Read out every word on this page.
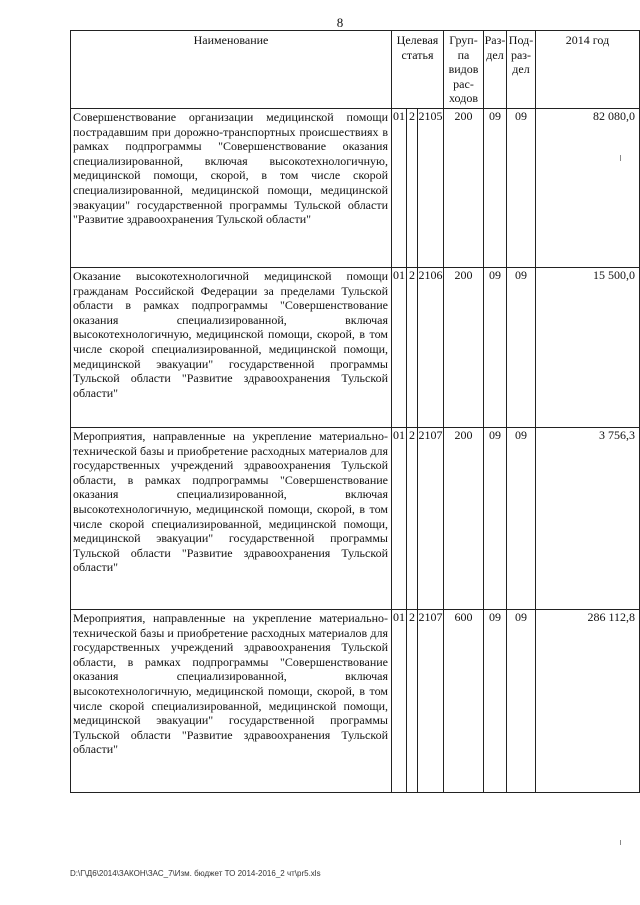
8
Наименование	Целевая статья			Груп-па видов рас-ходов	Раз-дел	Под-раз-дел	2014 год
Совершенствование организации медицинской помощи пострадавшим при дорожно-транспортных происшествиях в рамках подпрограммы "Совершенствование оказания специализированной, включая высокотехнологичную, медицинской помощи, скорой, в том числе скорой специализированной, медицинской помощи, медицинской эвакуации" государственной программы Тульской области "Развитие здравоохранения Тульской области"	01	2	2105	200	09	09	82 080,0
Оказание высокотехнологичной медицинской помощи гражданам Российской Федерации за пределами Тульской области в рамках подпрограммы "Совершенствование оказания специализированной, включая высокотехнологичную, медицинской помощи, скорой, в том числе скорой специализированной, медицинской помощи, медицинской эвакуации" государственной программы Тульской области "Развитие здравоохранения Тульской области"	01	2	2106	200	09	09	15 500,0
Мероприятия, направленные на укрепление материально-технической базы и приобретение расходных материалов для государственных учреждений здравоохранения Тульской области, в рамках подпрограммы "Совершенствование оказания специализированной, включая высокотехнологичную, медицинской помощи, скорой, в том числе скорой специализированной, медицинской помощи, медицинской эвакуации" государственной программы Тульской области "Развитие здравоохранения Тульской области"	01	2	2107	200	09	09	3 756,3
Мероприятия, направленные на укрепление материально-технической базы и приобретение расходных материалов для государственных учреждений здравоохранения Тульской области, в рамках подпрограммы "Совершенствование оказания специализированной, включая высокотехнологичную, медицинской помощи, скорой, в том числе скорой специализированной, медицинской помощи, медицинской эвакуации" государственной программы Тульской области "Развитие здравоохранения Тульской области"	01	2	2107	600	09	09	286 112,8
D:\Г\Д6\2014\ЗАКОН\ЗАС_7\Изм. бюджет ТО 2014-2016_2 чт\pr5.xls
